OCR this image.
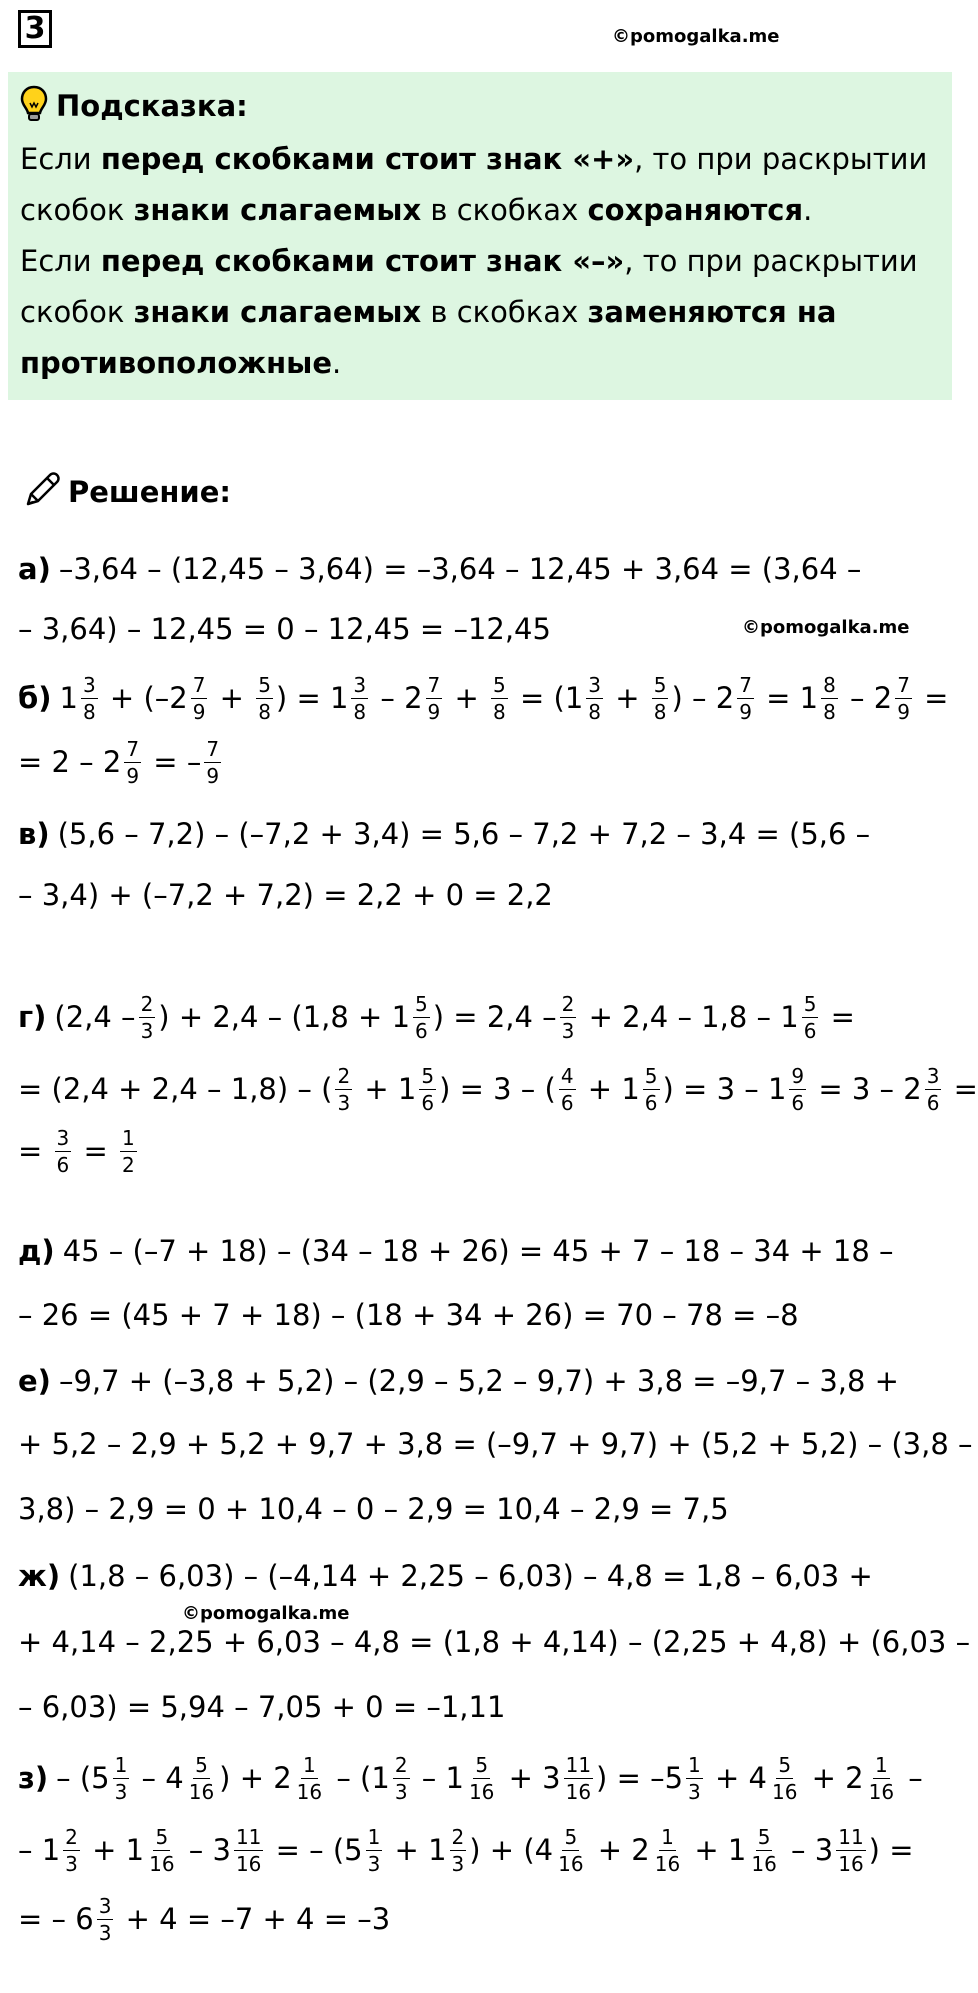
3	©pomogalka.me
Подсказка:

Если перед скобками стоит знак «+», то при раскрытии скобок знаки слагаемых в скобках сохраняются.

Если перед скобками стоит знак «–», то при раскрытии скобок знаки слагаемых в скобках заменяются на противоположные.

Решение:
а) –3,64 – (12,45 – 3,64) = –3,64 – 12,45 + 3,64 = (3,64 –
– 3,64) – 12,45 = 0 – 12,45 = –12,45
б) 1 3
8 + (–2 7
$9 + \frac{5}{8}$ ) = 1 3
8 – 2 7
$9 + \frac{5}{8} = (1$ 3
$8 + \frac{5}{8}$ ) – $2 \frac{7}{9} = 1$ 8
$8 - 2 \frac{7}{9}$ =
= $2 - 2 \frac{7}{9}$ = – 7
9
в) (5,6 – 7,2) – (–7,2 + 3,4) = 5,6 – 7,2 + 7,2 – 3,4 = (5,6 –
– 3,4) + (–7,2 + 7,2) = 2,2 + 0 = 2,2
г) (2,4 – 2
3 ) + 2,4 – (1,8 + 1 5
6 ) = 2,4 – 2
$3 + 2,4 - 1,8 - 1 \frac{5}{6}$ =
= (2,4 + 2,4 – 1,8) – ( 2
3 + 1 5
6 ) = 3 – ( 4
6 + 1 5
6 ) = $3 - 1 \frac{9}{6} = 3 - 2 \frac{3}{6}$ =
= $\frac{3}{6} = \frac{1}{2}$
д) 45 – (–7 + 18) – (34 – 18 + 26) = 45 + 7 – 18 – 34 + 18 –
– 26 = (45 + 7 + 18) – (18 + 34 + 26) = 70 – 78 = –8
е) –9,7 + (–3,8 + 5,2) – (2,9 – 5,2 – 9,7) + 3,8 = –9,7 – 3,8 +
+ 5,2 – 2,9 + 5,2 + 9,7 + 3,8 = (–9,7 + 9,7) + (5,2 + 5,2) – (3,8 –
3,8) – 2,9 = 0 + 10,4 – 0 – 2,9 = 10,4 – 2,9 = 7,5
ж) (1,8 – 6,03) – (–4,14 + 2,25 – 6,03) – 4,8 = 1,8 – 6,03 +
+ 4,14 – 2,25 + 6,03 – 4,8 = (1,8 + 4,14) – (2,25 + 4,8) + (6,03 –
– 6,03) = 5,94 – 7,05 + 0 = –1,11
з) – (5 1
3 – 4 5
16 ) + 2 1
16 – (1 2
3 – 1 5
16 + 3 11
16 ) = –5 1
3 + 4 5
16 + 2 1
16 –
– 1 2
3 + 1 5
$16 - 3 \frac{11}{16}$ = – (5 1
3 + 1 2
3 ) + (4 5
16 + 2 1
16 + 1 5
16 – 3 11
16 ) =
= – 6 3
3 + 4 = –7 + 4 = –3
©pomogalka.me
©pomogalka.me
